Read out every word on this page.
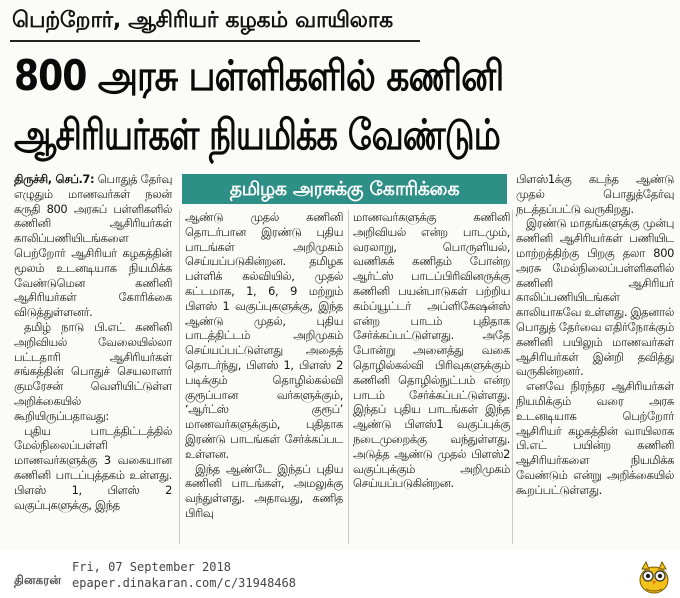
பெற்றோர், ஆசிரியர் கழகம் வாயிலாக
800 அரசு பள்ளிகளில் கணினி
ஆசிரியர்கள் நியமிக்க வேண்டும்
தமிழக அரசுக்கு கோரிக்கை

திருச்சி, செப்.7: பொதுத் தேர்வு எழுதும் மாணவர்கள் நலன் கருதி 800 அரசுப் பள்ளிகளில் கணினி ஆசிரியர்கள் காலிப்பணியிடங்களை பெற்றோர் ஆசிரியர் கழகத்தின் மூலம் உடனடியாக நியமிக்க வேண்டுமென கணினி ஆசிரியர்கள் கோரிக்கை விடுத்துள்ளனர்.

தமிழ் நாடு பி.எட் கணினி அறிவியல் வேலையில்லா பட்டதாரி ஆசிரியர்கள் சங்கத்தின் பொதுச் செயலாளர் குமரேசன் வெளியிட்டுள்ள அறிக்கையில் கூறியிருப்பதாவது:

புதிய பாடத்திட்டத்தில் மேல்நிலைப்பள்ளி மாணவர்களுக்கு 3 வகையான கணினி பாடப்புத்தகம் உள்ளது. பிளஸ் 1, பிளஸ் 2 வகுப்புகளுக்கு, இந்த

ஆண்டு முதல் கணினி தொடர்பான இரண்டு புதிய பாடங்கள் அறிமுகம் செய்யப்படுகின்றன. தமிழக பள்ளிக் கல்வியில், முதல் கட்டமாக, 1, 6, 9 மற்றும் பிளஸ் 1 வகுப்புகளுக்கு, இந்த ஆண்டு முதல், புதிய பாடத்திட்டம் அறிமுகம் செய்யப்பட்டுள்ளது அதைத் தொடர்ந்து, பிளஸ் 1, பிளஸ் 2 படிக்கும் தொழில்கல்வி குரூப்பான வர்களுக்கும், ‘ஆர்ட்ஸ் குரூப்’ மாணவர்களுக்கும், புதிதாக இரண்டு பாடங்கள் சேர்க்கப்பட உள்ளன.

இந்த ஆண்டே இந்தப் புதிய கணினி பாடங்கள், அமலுக்கு வந்துள்ளது. அதாவது, கணித பிரிவு

மாணவர்களுக்கு கணினி அறிவியல் என்ற பாடமும், வரலாறு, பொருளியல், வணிகக் கணிதம் போன்ற ஆர்ட்ஸ் பாடப்பிரிவினருக்கு கணினி பயன்பாடுகள் பற்றிய கம்ப்யூட்டர் அப்ளிகேஷன்ஸ் என்ற பாடம் புதிதாக சேர்க்கப்பட்டுள்ளது. அதே போன்று அனைத்து வகை தொழில்கல்வி பிரிவுகளுக்கும் கணினி தொழில்நுட்பம் என்ற பாடம் சேர்க்கப்பட்டுள்ளது. இந்தப் புதிய பாடங்கள் இந்த ஆண்டு பிளஸ்1 வகுப்புக்கு நடைமுறைக்கு வந்துள்ளது. அடுத்த ஆண்டு முதல் பிளஸ்2 வகுப்புக்கும் அறிமுகம் செய்யப்படுகின்றன.

பிளஸ்1க்கு கடந்த ஆண்டு முதல் பொதுத்தேர்வு நடத்தப்பட்டு வருகிறது.

இரண்டு மாதங்களுக்கு முன்பு கணினி ஆசிரியர்கள் பணியிட மாற்றத்திற்கு பிறகு தலா 800 அரசு மேல்நிலைப்பள்ளிகளில் கணினி ஆசிரியர் காலிப்பணியிடங்கள் காலியாகவே உள்ளது. இதனால் பொதுத் தேர்வை எதிர்நோக்கும் கணினி பயிலும் மாணவர்கள் ஆசிரியர்கள் இன்றி தவித்து வருகின்றனர்.

எனவே நிரந்தர ஆசிரியர்கள் நியமிக்கும் வரை அரசு உடனடியாக பெற்றோர் ஆசிரியர் கழகத்தின் வாயிலாக பி.எட் பயின்ற கணினி ஆசிரியர்களை நியமிக்க வேண்டும் என்று அறிக்கையில் கூறப்பட்டுள்ளது.

தினகரன்
Fri, 07 September 2018
epaper.dinakaran.com/c/31948468
